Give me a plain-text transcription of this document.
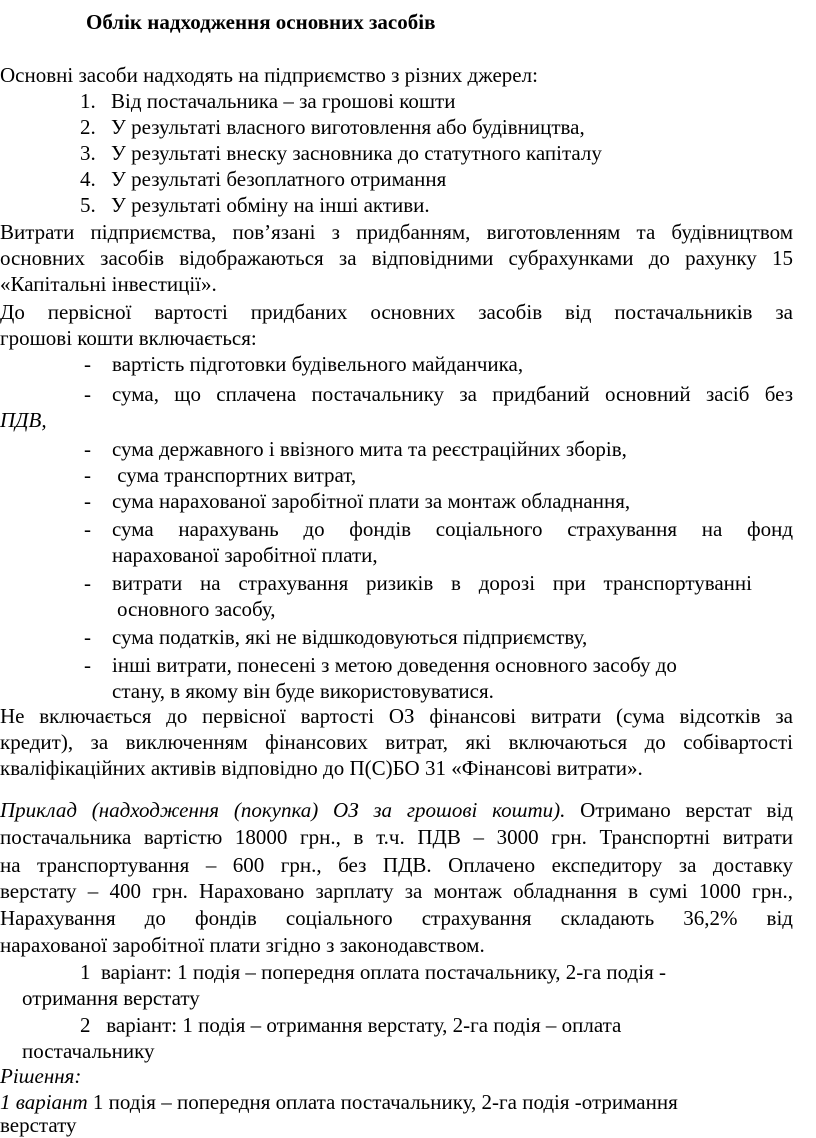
Облік надходження основних засобів
Основні засоби надходять на підприємство з різних джерел:
1. Від постачальника – за грошові кошти
2. У результаті власного виготовлення або будівництва,
3. У результаті внеску засновника до статутного капіталу
4. У результаті безоплатного отримання
5. У результаті обміну на інші активи.
Витрати підприємства, пов’язані з придбанням, виготовленням та будівництвом
основних засобів відображаються за відповідними субрахунками до рахунку 15
«Капітальні інвестиції».
До первісної вартості придбаних основних засобів від постачальників за
грошові кошти включається:
- вартість підготовки будівельного майданчика,
- сума, що сплачена постачальнику за придбаний основний засіб без
ПДВ,
- сума державного і ввізного мита та реєстраційних зборів,
- сума транспортних витрат,
- сума нарахованої заробітної плати за монтаж обладнання,
- сума нарахувань до фондів соціального страхування на фонд
нарахованої заробітної плати,
- витрати на страхування ризиків в дорозі при транспортуванні
основного засобу,
- сума податків, які не відшкодовуються підприємству,
- інші витрати, понесені з метою доведення основного засобу до
стану, в якому він буде використовуватися.
Не включається до первісної вартості ОЗ фінансові витрати (сума відсотків за
кредит), за виключенням фінансових витрат, які включаються до собівартості
кваліфікаційних активів відповідно до П(С)БО 31 «Фінансові витрати».
Приклад (надходження (покупка) ОЗ за грошові кошти). Отримано верстат від
постачальника вартістю 18000 грн., в т.ч. ПДВ – 3000 грн. Транспортні витрати
на транспортування – 600 грн., без ПДВ. Оплачено експедитору за доставку
верстату – 400 грн. Нараховано зарплату за монтаж обладнання в сумі 1000 грн.,
Нарахування до фондів соціального страхування складають 36,2% від
нарахованої заробітної плати згідно з законодавством.
1  варіант: 1 подія – попередня оплата постачальнику, 2-га подія -
отримання верстату
2   варіант: 1 подія – отримання верстату, 2-га подія – оплата
постачальнику
Рішення:
1 варіант 1 подія – попередня оплата постачальнику, 2-га подія -отримання
верстату
